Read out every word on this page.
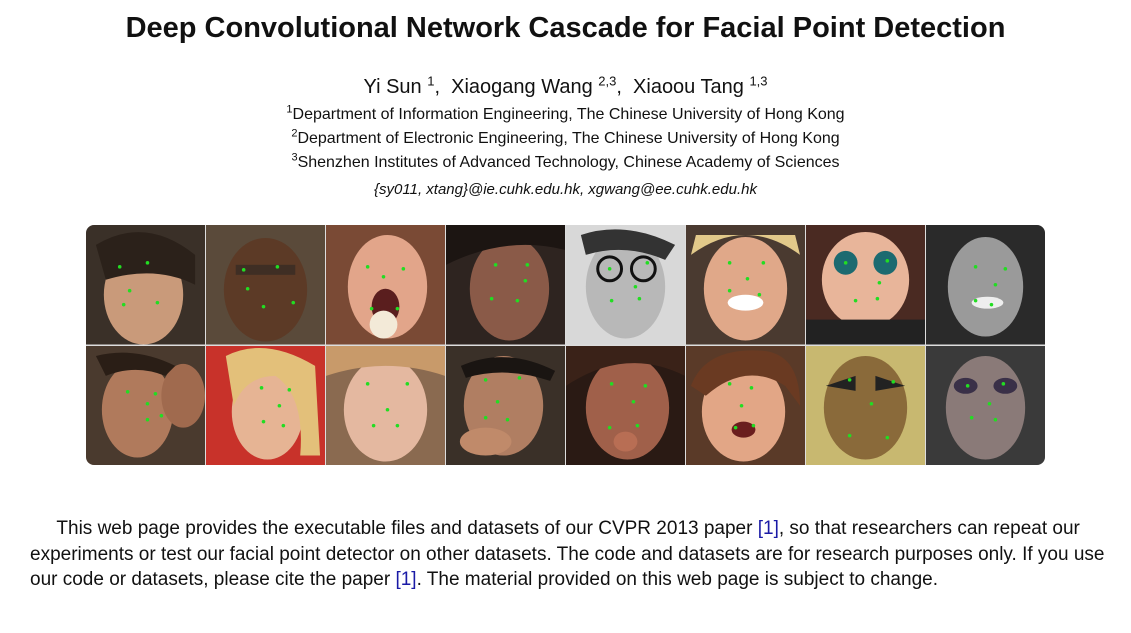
Deep Convolutional Network Cascade for Facial Point Detection
Yi Sun $^1$,  Xiaogang Wang $^{2,3}$,  Xiaoou Tang $^{1,3}$
$^1$Department of Information Engineering, The Chinese University of Hong Kong
$^2$Department of Electronic Engineering, The Chinese University of Hong Kong
$^3$Shenzhen Institutes of Advanced Technology, Chinese Academy of Sciences
{sy011, xtang}@ie.cuhk.edu.hk, xgwang@ee.cuhk.edu.hk
This web page provides the executable files and datasets of our CVPR 2013 paper [1], so that researchers can repeat our experiments or test our facial point detector on other datasets. The code and datasets are for research purposes only. If you use our code or datasets, please cite the paper [1]. The material provided on this web page is subject to change.
